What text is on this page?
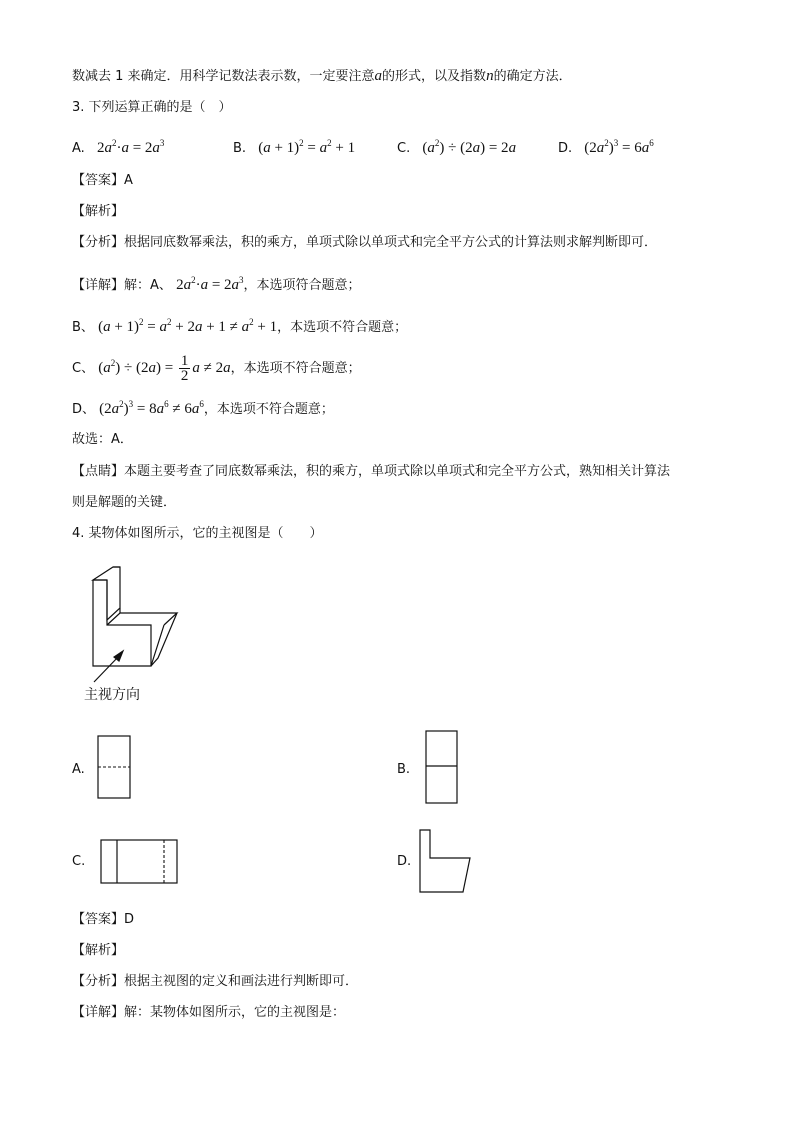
数减去 1 来确定．用科学记数法表示数，一定要注意a的形式，以及指数n的确定方法．
3. 下列运算正确的是（　）
A. $2a^2\cdot a = 2a^3$	B. $(a + 1)^2 = a^2 + 1$	C. $(a^2) \div (2a) = 2a$	D. $(2a^2)^3 = 6a^6$
【答案】A
【解析】
【分析】根据同底数幂乘法，积的乘方，单项式除以单项式和完全平方公式的计算法则求解判断即可．
【详解】解：A、 $2a^2\cdot a = 2a^3$，本选项符合题意；
B、 $(a + 1)^2 = a^2 + 2a + 1 \ne a^2 + 1$，本选项不符合题意；
C、 $(a^2) \div (2a) = \frac{1}{2}$ a ≠ 2a，本选项不符合题意；
D、 $(2a^2)^3 = 8a^6 \ne 6a^6$，本选项不符合题意；
故选：A．
【点睛】本题主要考查了同底数幂乘法，积的乘方，单项式除以单项式和完全平方公式，熟知相关计算法
则是解题的关键．
4. 某物体如图所示，它的主视图是（　　）
主视方向
A.	B.
C.	D.
【答案】D
【解析】
【分析】根据主视图的定义和画法进行判断即可．
【详解】解：某物体如图所示，它的主视图是：
